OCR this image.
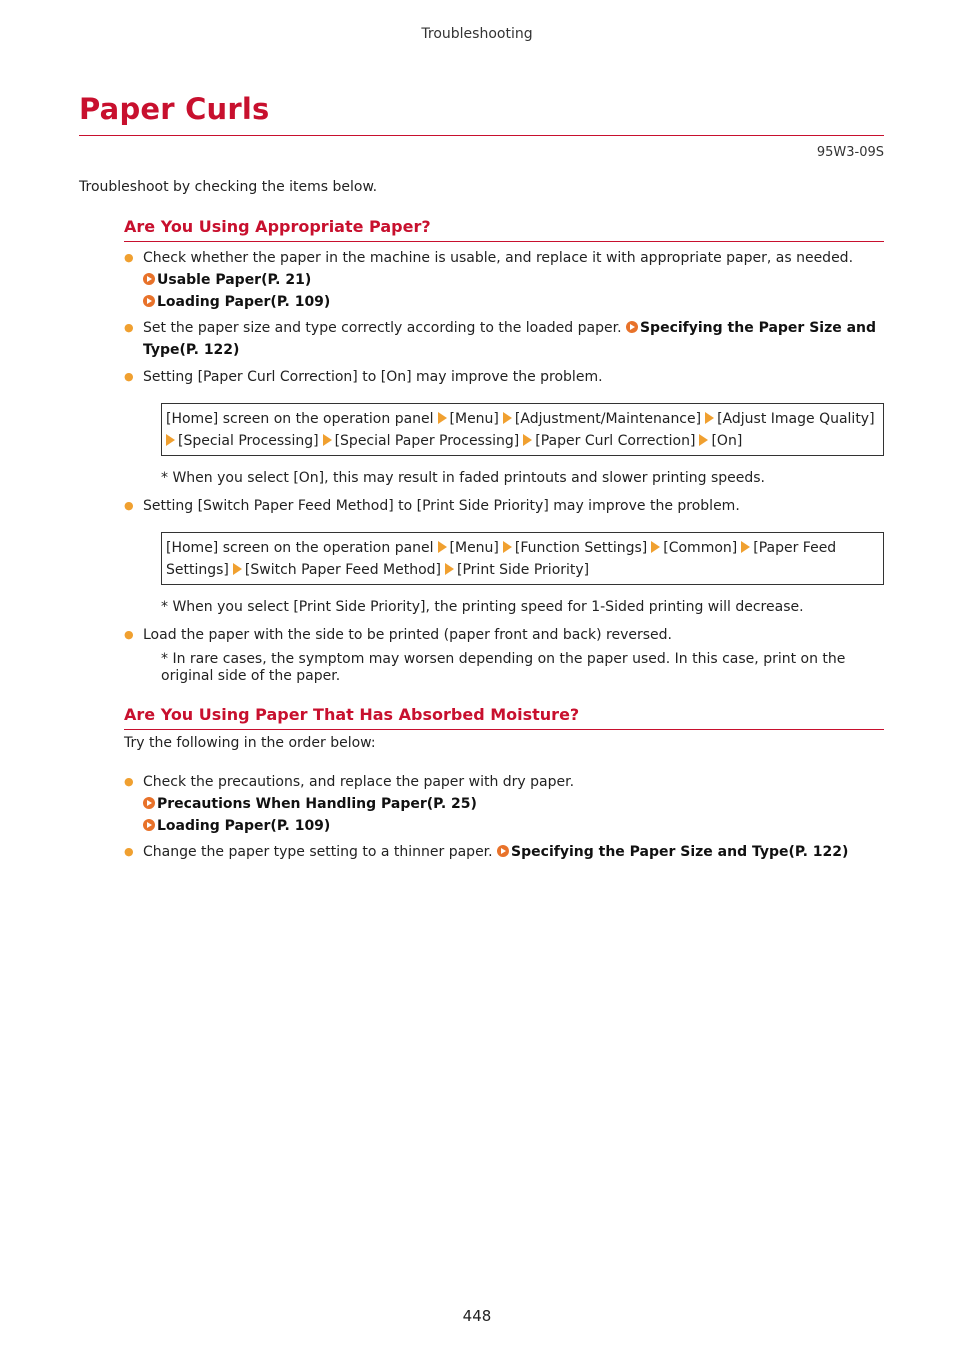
Troubleshooting
Paper Curls
95W3-09S
Troubleshoot by checking the items below.
Are You Using Appropriate Paper?
● Check whether the paper in the machine is usable, and replace it with appropriate paper, as needed.
Usable Paper(P. 21)
Loading Paper(P. 109)
● Set the paper size and type correctly according to the loaded paper. Specifying the Paper Size and Type(P. 122)
● Setting [Paper Curl Correction] to [On] may improve the problem.
[Home] screen on the operation panel [Menu] [Adjustment/Maintenance] [Adjust Image Quality]
[Special Processing] [Special Paper Processing] [Paper Curl Correction] [On]
* When you select [On], this may result in faded printouts and slower printing speeds.
● Setting [Switch Paper Feed Method] to [Print Side Priority] may improve the problem.
[Home] screen on the operation panel [Menu] [Function Settings] [Common] [Paper Feed Settings] [Switch Paper Feed Method] [Print Side Priority]
* When you select [Print Side Priority], the printing speed for 1-Sided printing will decrease.
● Load the paper with the side to be printed (paper front and back) reversed.
* In rare cases, the symptom may worsen depending on the paper used. In this case, print on the original side of the paper.
Are You Using Paper That Has Absorbed Moisture?
Try the following in the order below:
● Check the precautions, and replace the paper with dry paper.
Precautions When Handling Paper(P. 25)
Loading Paper(P. 109)
● Change the paper type setting to a thinner paper. Specifying the Paper Size and Type(P. 122)
448
